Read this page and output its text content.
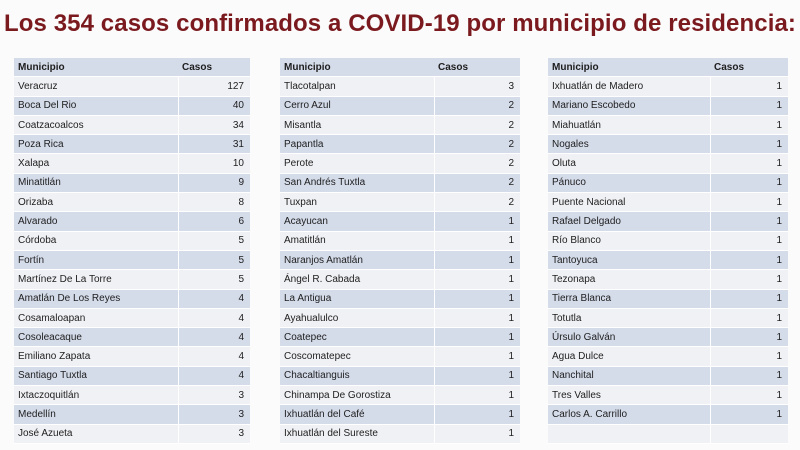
Los 354 casos confirmados a COVID-19 por municipio de residencia:
Municipio	Casos
Veracruz	127
Boca Del Rio	40
Coatzacoalcos	34
Poza Rica	31
Xalapa	10
Minatitlán	9
Orizaba	8
Alvarado	6
Córdoba	5
Fortín	5
Martínez De La Torre	5
Amatlán De Los Reyes	4
Cosamaloapan	4
Cosoleacaque	4
Emiliano Zapata	4
Santiago Tuxtla	4
Ixtaczoquitlán	3
Medellín	3
José Azueta	3
Municipio	Casos
Tlacotalpan	3
Cerro Azul	2
Misantla	2
Papantla	2
Perote	2
San Andrés Tuxtla	2
Tuxpan	2
Acayucan	1
Amatitlán	1
Naranjos Amatlán	1
Ángel R. Cabada	1
La Antigua	1
Ayahualulco	1
Coatepec	1
Coscomatepec	1
Chacaltianguis	1
Chinampa De Gorostiza	1
Ixhuatlán del Café	1
Ixhuatlán del Sureste	1
Municipio	Casos
Ixhuatlán de Madero	1
Mariano Escobedo	1
Miahuatlán	1
Nogales	1
Oluta	1
Pánuco	1
Puente Nacional	1
Rafael Delgado	1
Río Blanco	1
Tantoyuca	1
Tezonapa	1
Tierra Blanca	1
Totutla	1
Úrsulo Galván	1
Agua Dulce	1
Nanchital	1
Tres Valles	1
Carlos A. Carrillo	1
